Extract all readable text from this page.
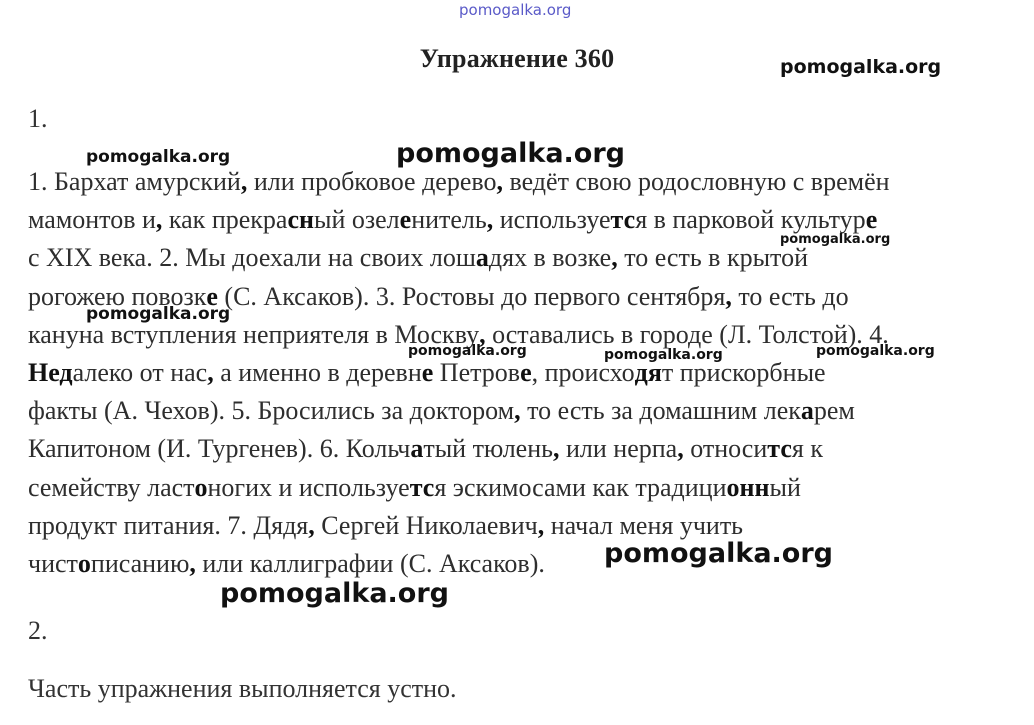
pomogalka.org
Упражнение 360	pomogalka.org
1.
1. Бархат амурский, или пробковое дерево, ведёт свою родословную с времён
мамонтов и, как прекрасный озеленитель, используется в парковой культуре
с XIX века. 2. Мы доехали на своих лошадях в возке, то есть в крытой
рогожею повозке (С. Аксаков). 3. Ростовы до первого сентября, то есть до
кануна вступления неприятеля в Москву, оставались в городе (Л. Толстой). 4.
Недалеко от нас, а именно в деревне Петрове, происходят прискорбные
факты (А. Чехов). 5. Бросились за доктором, то есть за домашним лекарем
Капитоном (И. Тургенев). 6. Кольчатый тюлень, или нерпа, относится к
семейству ластоногих и используется эскимосами как традиционный
продукт питания. 7. Дядя, Сергей Николаевич, начал меня учить
чистописанию, или каллиграфии (С. Аксаков).
2.
Часть упражнения выполняется устно.
pomogalka.org	pomogalka.org
pomogalka.org
pomogalka.org
pomogalka.org	pomogalka.org	pomogalka.org
pomogalka.org
pomogalka.org
